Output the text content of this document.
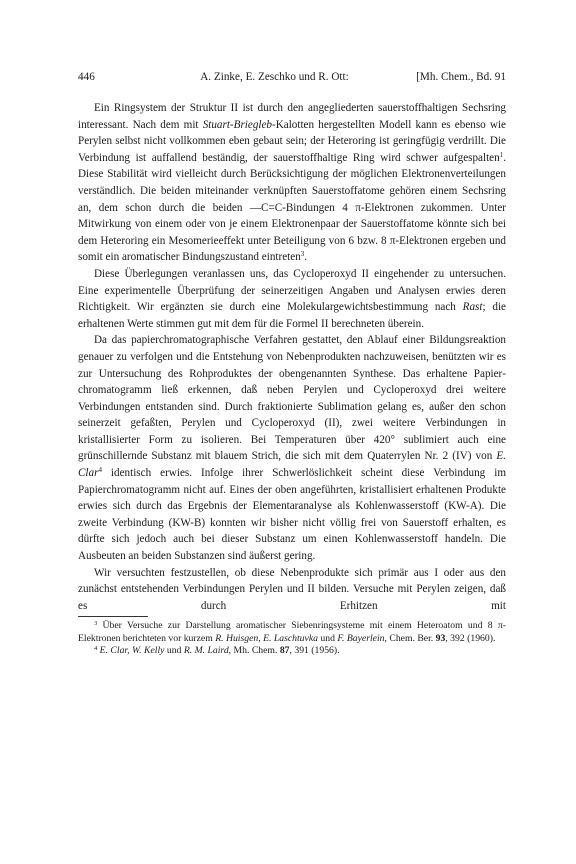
446	A. Zinke, E. Zeschko und R. Ott:	[Mh. Chem., Bd. 91

Ein Ringsystem der Struktur II ist durch den angegliederten sauerstoffhaltigen Sechsring interessant. Nach dem mit Stuart-Briegleb-Kalotten hergestellten Modell kann es ebenso wie Perylen selbst nicht vollkommen eben gebaut sein; der Heteroring ist geringfügig verdrillt. Die Verbindung ist auffallend beständig, der sauerstoffhaltige Ring wird schwer aufgespalten$^1$. Diese Stabilität wird vielleicht durch Berücksichtigung der möglichen Elektronenverteilungen verständlich. Die beiden miteinander verknüpften Sauerstoffatome gehören einem Sechsring an, dem schon durch die beiden —C=C-Bindungen 4 π-Elektronen zukommen. Unter Mitwirkung von einem oder von je einem Elektronenpaar der Sauerstoffatome könnte sich bei dem Heteroring ein Mesomerieeffekt unter Beteiligung von 6 bzw. 8 π-Elektronen ergeben und somit ein aromatischer Bindungszustand eintreten$^3$.

Diese Überlegungen veranlassen uns, das Cycloperoxyd II eingehender zu untersuchen. Eine experimentelle Überprüfung der seinerzeitigen Angaben und Analysen erwies deren Richtigkeit. Wir ergänzten sie durch eine Molekulargewichtsbestimmung nach Rast; die erhaltenen Werte stimmen gut mit dem für die Formel II berechneten überein.

Da das papierchromatographische Verfahren gestattet, den Ablauf einer Bildungsreaktion genauer zu verfolgen und die Entstehung von Nebenprodukten nachzuweisen, benützten wir es zur Untersuchung des Rohproduktes der obengenannten Synthese. Das erhaltene Papierchromatogramm ließ erkennen, daß neben Perylen und Cycloperoxyd drei weitere Verbindungen entstanden sind. Durch fraktionierte Sublimation gelang es, außer den schon seinerzeit gefaßten, Perylen und Cycloperoxyd (II), zwei weitere Verbindungen in kristallisierter Form zu isolieren. Bei Temperaturen über 420° sublimiert auch eine grünschillernde Substanz mit blauem Strich, die sich mit dem Quaterrylen Nr. 2 (IV) von E. Clar$^4$ identisch erwies. Infolge ihrer Schwerlöslichkeit scheint diese Verbindung im Papierchromatogramm nicht auf. Eines der oben angeführten, kristallisiert erhaltenen Produkte erwies sich durch das Ergebnis der Elementaranalyse als Kohlenwasserstoff (KW-A). Die zweite Verbindung (KW-B) konnten wir bisher nicht völlig frei von Sauerstoff erhalten, es dürfte sich jedoch auch bei dieser Substanz um einen Kohlenwasserstoff handeln. Die Ausbeuten an beiden Substanzen sind äußerst gering.

Wir versuchten festzustellen, ob diese Nebenprodukte sich primär aus I oder aus den zunächst entstehenden Verbindungen Perylen und II bilden. Versuche mit Perylen zeigen, daß es durch Erhitzen mit

$^3$ Über Versuche zur Darstellung aromatischer Siebenringsysteme mit einem Heteroatom und 8 π-Elektronen berichteten vor kurzem R. Huisgen, E. Laschtuvka und F. Bayerlein, Chem. Ber. 93, 392 (1960).

$^4$ E. Clar, W. Kelly und R. M. Laird, Mh. Chem. 87, 391 (1956).
